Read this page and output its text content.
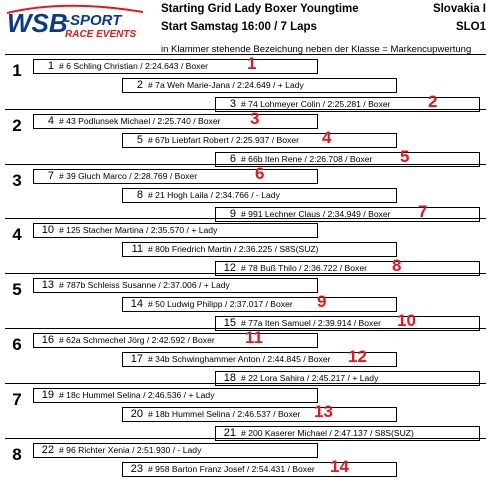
WSB
-SPORT
RACE EVENTS
Starting Grid Lady Boxer Youngtime
Start Samstag 16:00 / 7 Laps
Slovakia I
SLO1
in Klammer stehende Bezeichung neben der Klasse = Markencupwertung
1	1 # 6 Schling Christian / 2:24.643 / Boxer 1
2 # 7a Weh Marie-Jana / 2:24.649 / + Lady
3 # 74 Lohmeyer Colin / 2:25.281 / Boxer 2
2	4 # 43 Podlunsek Michael / 2:25.740 / Boxer 3
5 # 67b Liebfart Robert / 2:25.937 / Boxer 4
6 # 66b Iten Rene / 2:26.708 / Boxer 5
3	7 # 39 Gluch Marco / 2:28.769 / Boxer	6
8 # 21 Hogh Laila / 2:34.766 / - Lady
9 # 991 Lechner Claus / 2:34.949 / Boxer 7
4	10 # 125 Stacher Martina / 2:35.570 / + Lady
11 # 80b Friedrich Martin / 2:36.225 / S8S(SUZ)
12 # 78 Buß Thilo / 2:36.722 / Boxer 8
5	13 # 787b Schleiss Susanne / 2:37.006 / + Lady
14 # 50 Ludwig Philipp / 2:37.017 / Boxer 9
15 # 77a Iten Samuel / 2:39.914 / Boxer 10
6	16 # 62a Schmechel Jörg / 2:42.592 / Boxer 11
17 # 34b Schwinghammer Anton / 2:44.845 / Boxer 12
18 # 22 Lora Sahira / 2:45.217 / + Lady
7	19 # 18c Hummel Selina / 2:46.536 / + Lady
20 # 18b Hummel Selina / 2:46.537 / Boxer 13
21 # 200 Kaserer Michael / 2:47.137 / S8S(SUZ)
8	22 # 96 Richter Xenia / 2:51.930 / - Lady
23 # 958 Barton Franz Josef / 2:54.431 / Boxer 14
